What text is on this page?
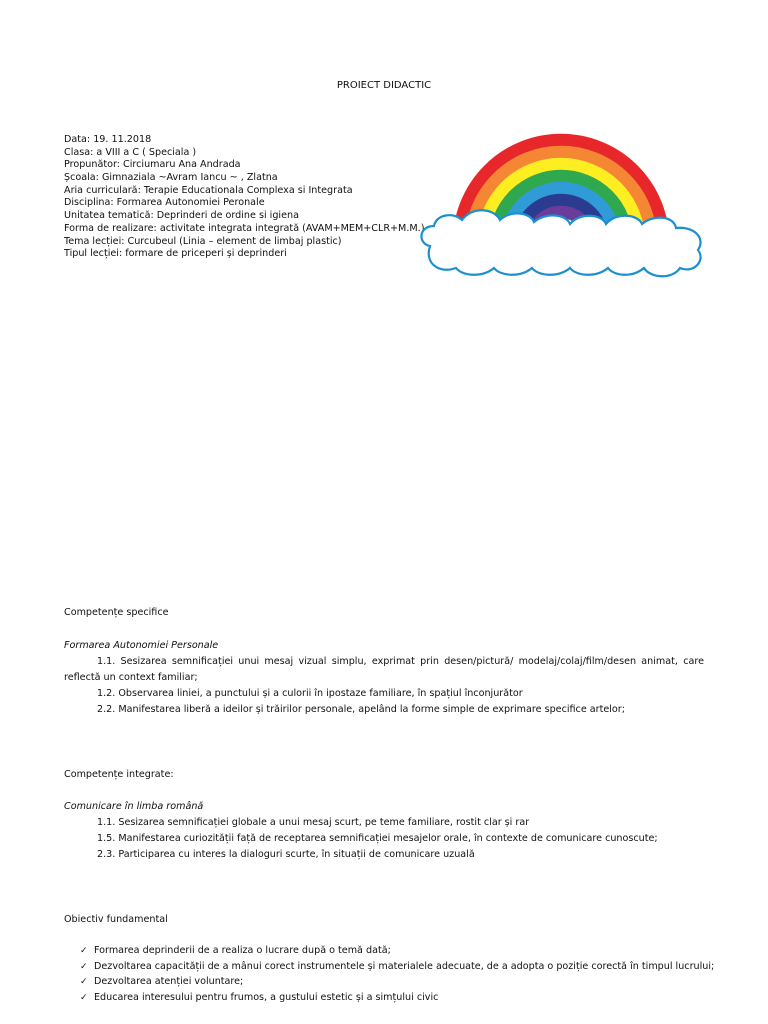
PROIECT DIDACTIC
Data: 19. 11.2018
Clasa: a VIII a C ( Speciala )
Propunător: Circiumaru Ana Andrada
Școala: Gimnaziala ~Avram Iancu ~ , Zlatna
Aria curriculară: Terapie Educationala Complexa si Integrata
Disciplina: Formarea Autonomiei Peronale
Unitatea tematică: Deprinderi de ordine si igiena
Forma de realizare: activitate integrata integrată (AVAM+MEM+CLR+M.M.)
Tema lecției: Curcubeul (Linia – element de limbaj plastic)
Tipul lecției: formare de priceperi și deprinderi
Competențe specifice
Formarea Autonomiei Personale

1.1. Sesizarea semnificației unui mesaj vizual simplu, exprimat prin desen/pictură/ modelaj/colaj/film/desen animat, care reflectă un context familiar;

1.2. Observarea liniei, a punctului și a culorii în ipostaze familiare, în spațiul înconjurător
2.2. Manifestarea liberă a ideilor și trăirilor personale, apelând la forme simple de exprimare specifice artelor;
Competențe integrate:
Comunicare în limba română
1.1. Sesizarea semnificației globale a unui mesaj scurt, pe teme familiare, rostit clar și rar
1.5. Manifestarea curiozității față de receptarea semnificației mesajelor orale, în contexte de comunicare cunoscute;
2.3. Participarea cu interes la dialoguri scurte, în situații de comunicare uzuală
Obiectiv fundamental
✓ Formarea deprinderii de a realiza o lucrare după o temă dată;
✓ Dezvoltarea capacității de a mânui corect instrumentele și materialele adecuate, de a adopta o poziție corectă în timpul lucrului;
✓ Dezvoltarea atenției voluntare;
✓ Educarea interesului pentru frumos, a gustului estetic și a simțului civic
